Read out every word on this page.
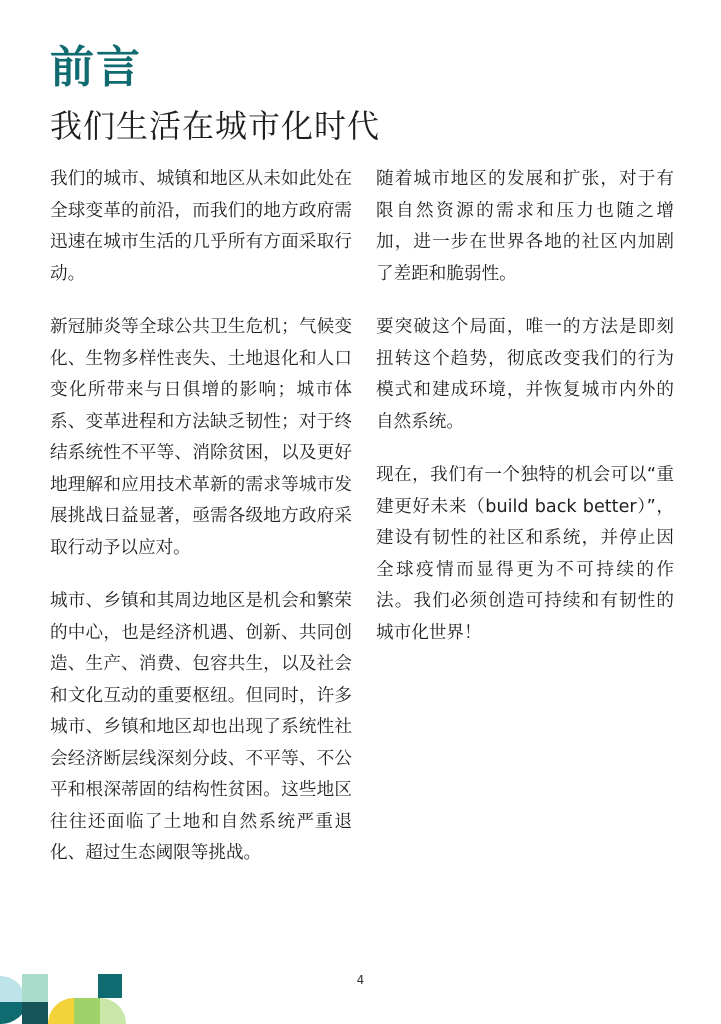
前言
我们生活在城市化时代

我们的城市、城镇和地区从未如此处在全球变革的前沿，而我们的地方政府需迅速在城市生活的几乎所有方面采取行动。

新冠肺炎等全球公共卫生危机；气候变化、生物多样性丧失、土地退化和人口变化所带来与日俱增的影响；城市体系、变革进程和方法缺乏韧性；对于终结系统性不平等、消除贫困，以及更好地理解和应用技术革新的需求等城市发展挑战日益显著，亟需各级地方政府采取行动予以应对。

城市、乡镇和其周边地区是机会和繁荣的中心，也是经济机遇、创新、共同创造、生产、消费、包容共生，以及社会和文化互动的重要枢纽。但同时，许多城市、乡镇和地区却也出现了系统性社会经济断层线深刻分歧、不平等、不公平和根深蒂固的结构性贫困。这些地区往往还面临了土地和自然系统严重退化、超过生态阈限等挑战。

随着城市地区的发展和扩张，对于有限自然资源的需求和压力也随之增加，进一步在世界各地的社区内加剧了差距和脆弱性。

要突破这个局面，唯一的方法是即刻扭转这个趋势，彻底改变我们的行为模式和建成环境，并恢复城市内外的自然系统。

现在，我们有一个独特的机会可以“重建更好未来（build back better）”，建设有韧性的社区和系统，并停止因全球疫情而显得更为不可持续的作法。我们必须创造可持续和有韧性的城市化世界！

4
